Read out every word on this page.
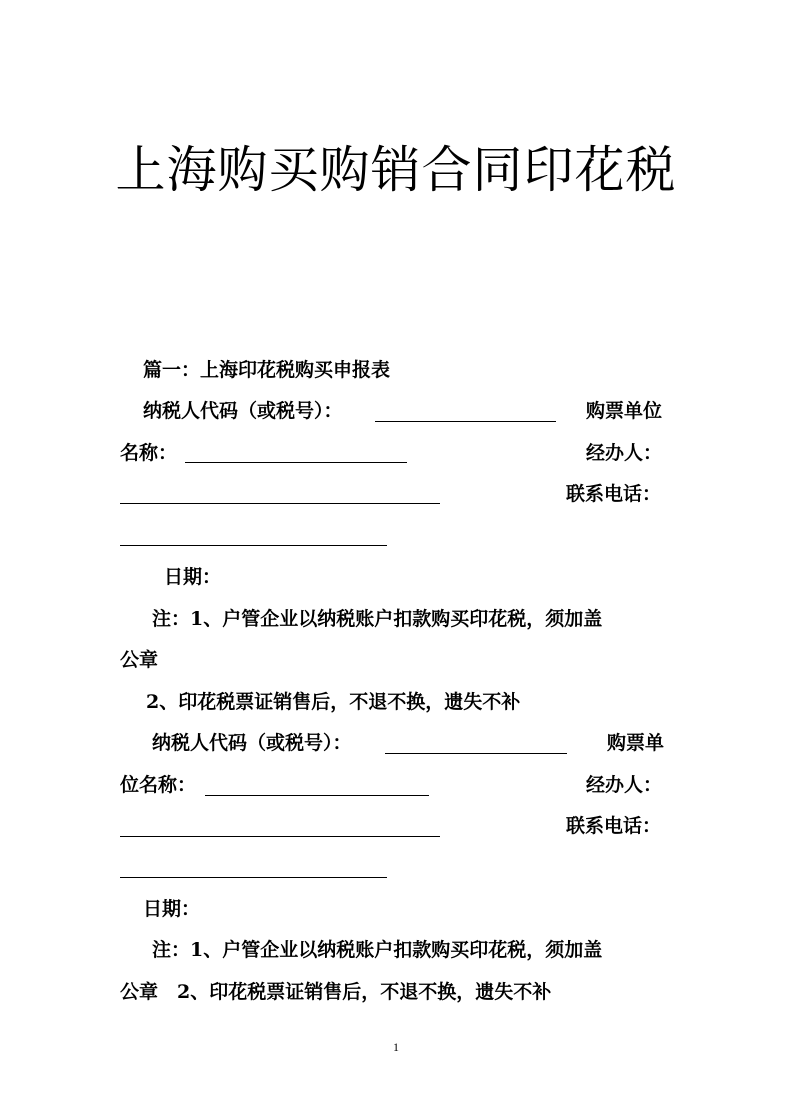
上海购买购销合同印花税
篇一：上海印花税购买申报表
纳税人代码（或税号）：	购票单位
名称：	经办人：
联系电话：
日期：
注：1、户管企业以纳税账户扣款购买印花税，须加盖
公章
2、印花税票证销售后，不退不换，遗失不补
纳税人代码（或税号）：	购票单
位名称：	经办人：
联系电话：
日期：
注：1、户管企业以纳税账户扣款购买印花税，须加盖
公章　2、印花税票证销售后，不退不换，遗失不补
1
